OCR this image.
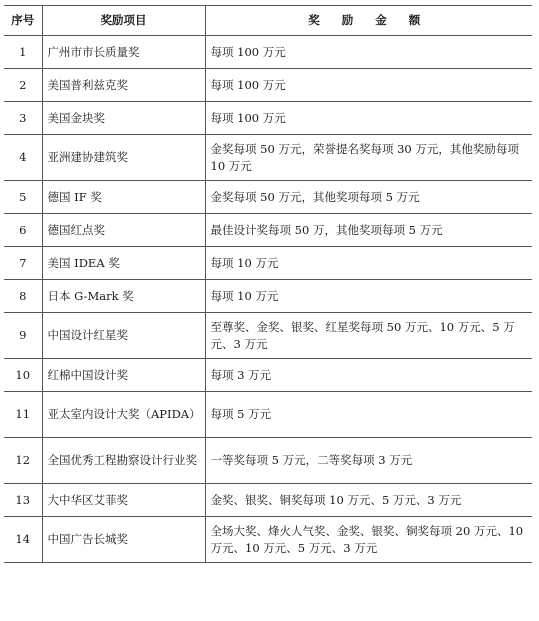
序号	奖励项目	奖 励 金 额
1	广州市市长质量奖	每项 100 万元
2	美国普利兹克奖	每项 100 万元
3	美国金块奖	每项 100 万元
4	亚洲建协建筑奖	金奖每项 50 万元，荣誉提名奖每项 30 万元，其他奖励每项 10 万元
5	德国 IF 奖	金奖每项 50 万元，其他奖项每项 5 万元
6	德国红点奖	最佳设计奖每项 50 万，其他奖项每项 5 万元
7	美国 IDEA 奖	每项 10 万元
8	日本 G-Mark 奖	每项 10 万元
9	中国设计红星奖	至尊奖、金奖、银奖、红星奖每项 50 万元、10 万元、5 万元、3 万元
10	红棉中国设计奖	每项 3 万元
11	亚太室内设计大奖（APIDA）	每项 5 万元
12	全国优秀工程勘察设计行业奖	一等奖每项 5 万元，二等奖每项 3 万元
13	大中华区艾菲奖	金奖、银奖、铜奖每项 10 万元、5 万元、3 万元
14	中国广告长城奖	全场大奖、烽火人气奖、金奖、银奖、铜奖每项 20 万元、10 万元、10 万元、5 万元、3 万元
